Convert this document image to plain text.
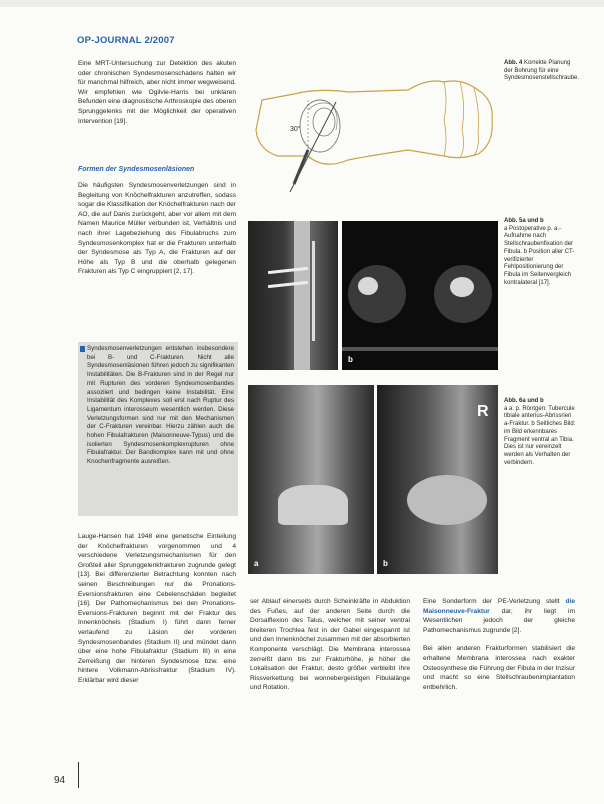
OP-JOURNAL 2/2007

Eine MRT-Untersuchung zur Detektion des akuten oder chronischen Syndesmosenschadens halten wir für manchmal hilfreich, aber nicht immer wegweisend. Wir empfehlen wie Ogilvie-Harris bei unklaren Befunden eine diagnostische Arthroskopie des oberen Sprunggelenks mit der Möglichkeit der operativen Intervention [19].

Formen der Syndesmosenläsionen

Die häufigsten Syndesmosenverletzungen sind in Begleitung von Knöchelfrakturen anzutreffen, sodass sogar die Klassifikation der Knöchelfrakturen nach der AO, die auf Danis zurückgeht, aber vor allem mit dem Namen Maurice Müller verbunden ist, Verhältnis und nach ihrer Lagebeziehung des Fibulabruchs zum Syndesmosenkomplex hat er die Frakturen unterhalb der Syndesmose als Typ A, die Frakturen auf der Höhe als Typ B und die oberhalb gelegenen Frakturen als Typ C eingruppiert [2, 17].

Syndesmosenverletzungen entstehen insbesondere bei B- und C-Frakturen. Nicht alle Syndesmosenläsionen führen jedoch zu signifikanten Instabilitäten. Die B-Frakturen sind in der Regel nur mit Rupturen des vorderen Syndesmosenbandes assoziiert und bedingen keine Instabilität. Eine Instabilität des Komplexes soll erst nach Ruptur des Ligamentum interosseum wesentlich werden. Diese Verletzungsformen sind nur mit den Mechanismen der C-Frakturen vereinbar. Hierzu zählen auch die hohen Fibulafrakturen (Maisonneuve-Typus) und die isolierten Syndesmosenkomplexrupturen ohne Fibulafraktur. Der Bandkomplex kann mit und ohne Knochenfragmente ausreißen.

Lauge-Hansen hat 1948 eine genetische Einteilung der Knöchelfrakturen vorgenommen und 4 verschiedene Verletzungsmechanismen für den Großteil aller Sprunggelenkfrakturen zugrunde gelegt [13]. Bei differenzierter Betrachtung konnten nach seinen Beschreibungen nur die Pronations-Eversionsfrakturen eine Cebelenschäden begleitet [16]. Der Pathomechanismus bei den Pronations-Eversions-Frakturen beginnt mit der Fraktur des Innenknöchels (Stadium I) führt dann ferner verlaufend zu Läsion der vorderen Syndesmosenbandes (Stadium II) und mündet dann über eine hohe Fibulafraktur (Stadium III) in eine Zerreißung der hinteren Syndesmose bzw. eine hintere Volkmann-Abrissfraktur (Stadium IV). Erklärbar wird dieser

ser Ablauf einerseits durch Scheinkräfte in Abduktion des Fußes, auf der anderen Seite durch die Dorsalflexion des Talus, welcher mit seiner ventral breiteren Trochlea fest in der Gabel eingespannt ist und den Innenknöchel zusammen mit der absorbierten Komponente verschlägt. Die Membrana interossea zerreißt dann bis zur Frakturhöhe, je höher die Lokalisation der Fraktur, desto größer verbleibt ihre Rissverkettung bei wonnebergeistigen Fibulalänge und Rotation.

Eine Sonderform der PE-Verletzung stellt die Maisonneuve-Fraktur dar, ihr liegt im Wesentlichen jedoch der gleiche Pathomechanismus zugrunde [2].

Bei allen anderen Frakturformen stabilisiert die erhaltene Membrana interossea nach exakter Osteosynthese die Führung der Fibula in der Inzisur und macht so eine Stellschraubenimplantation entbehrlich.

30°
Abb. 4 Korrekte Planung der Bohrung für eine Syndesmosenstellschraube.
b
Abb. 5a und b
a Postoperative p. a.-Aufnahme nach Stellschraubenfixation der Fibula. b Position aller CT-verifizierter Fehlpositionierung der Fibula im Seitenvergleich kontralateral [17].
a
R
b
Abb. 6a und b
a a. p. Röntgen: Tubercule tibiale anterius-Abrissrieri a-Fraktur. b Seitliches Bild: im Bild erkennbares Fragment ventral an Tibia. Dies ist nur vereinzelt werden als Verhalten der verbindern.
94
